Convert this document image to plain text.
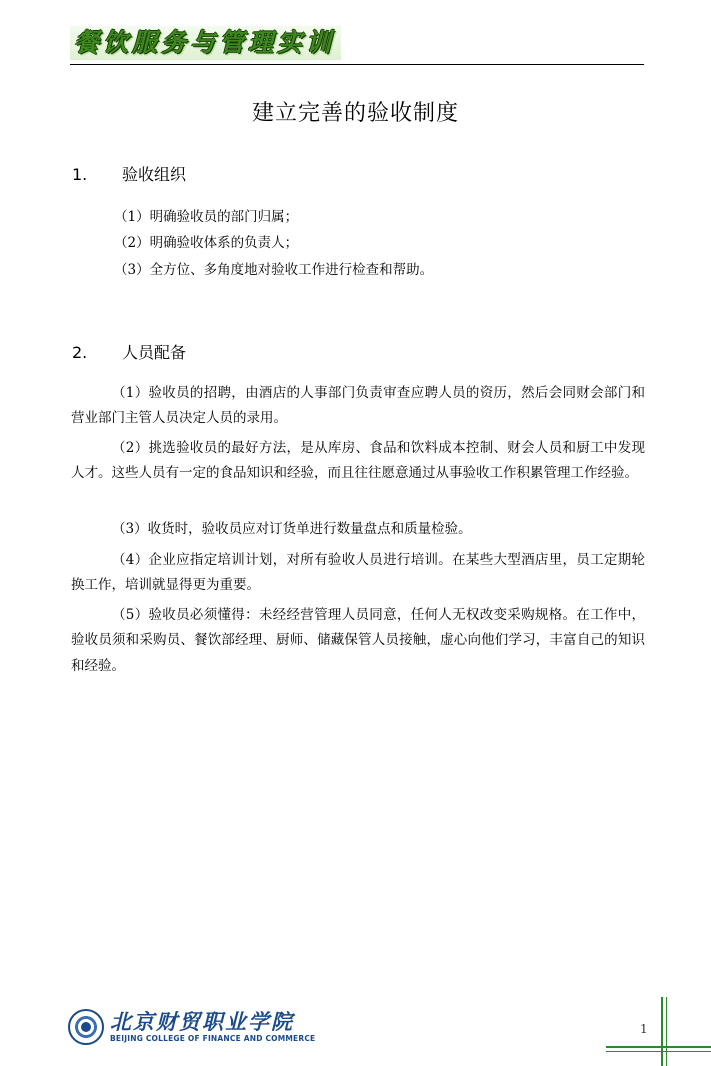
餐饮服务与管理实训
建立完善的验收制度
1. 验收组织
（1）明确验收员的部门归属；
（2）明确验收体系的负责人；
（3）全方位、多角度地对验收工作进行检查和帮助。
2. 人员配备

（1）验收员的招聘，由酒店的人事部门负责审查应聘人员的资历，然后会同财会部门和营业部门主管人员决定人员的录用。

（2）挑选验收员的最好方法，是从库房、食品和饮料成本控制、财会人员和厨工中发现人才。这些人员有一定的食品知识和经验，而且往往愿意通过从事验收工作积累管理工作经验。

（3）收货时，验收员应对订货单进行数量盘点和质量检验。

（4）企业应指定培训计划，对所有验收人员进行培训。在某些大型酒店里，员工定期轮换工作，培训就显得更为重要。

（5）验收员必须懂得：未经经营管理人员同意，任何人无权改变采购规格。在工作中，验收员须和采购员、餐饮部经理、厨师、储藏保管人员接触，虚心向他们学习，丰富自己的知识和经验。

北京财贸职业学院
BEIJING COLLEGE OF FINANCE AND COMMERCE
1
